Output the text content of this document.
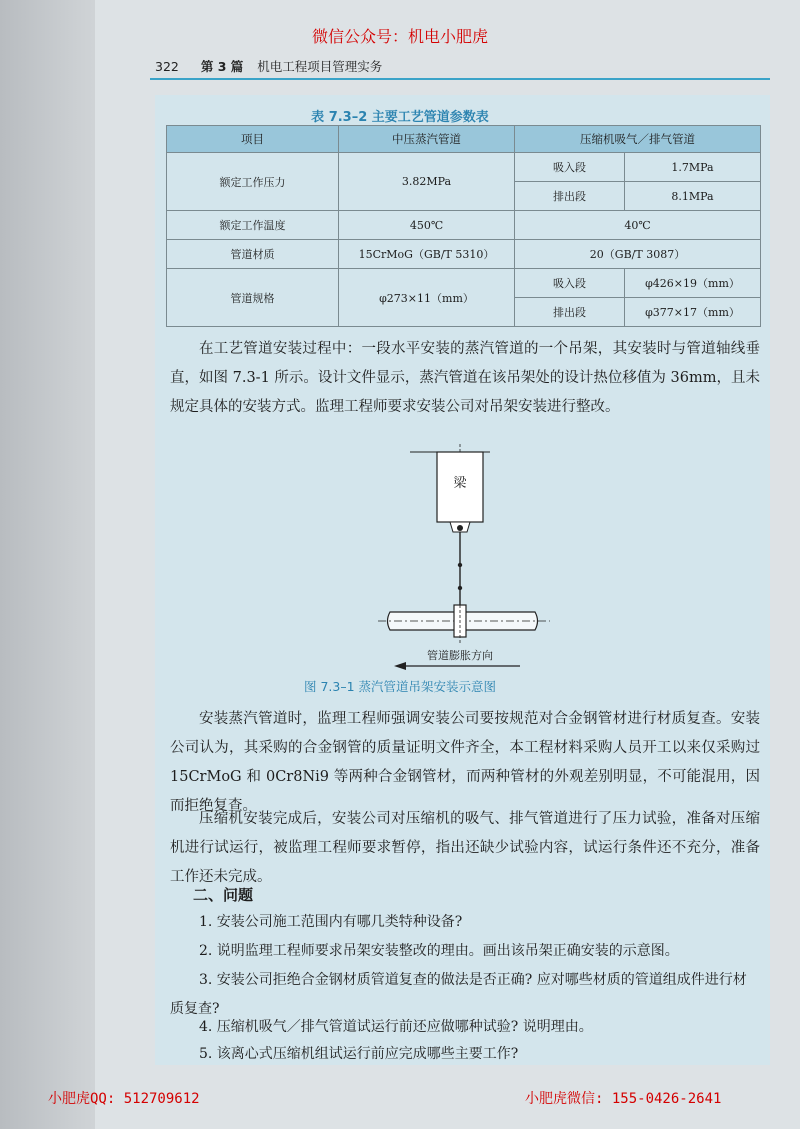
微信公众号：机电小肥虎
322 第 3 篇 机电工程项目管理实务
表 7.3–2 主要工艺管道参数表
项目	中压蒸汽管道	压缩机吸气／排气管道	
额定工作压力	3.82MPa	吸入段	1.7MPa
		排出段	8.1MPa
额定工作温度	450℃	40℃	
管道材质	15CrMoG（GB/T 5310）	20（GB/T 3087）	
管道规格	φ273×11（mm）	吸入段	φ426×19（mm）
		排出段	φ377×17（mm）
在工艺管道安装过程中：一段水平安装的蒸汽管道的一个吊架，其安装时与管道轴线垂直，如图 7.3-1 所示。设计文件显示，蒸汽管道在该吊架处的设计热位移值为 36mm，且未规定具体的安装方式。监理工程师要求安装公司对吊架安装进行整改。
梁
管道膨胀方向
图 7.3–1 蒸汽管道吊架安装示意图
安装蒸汽管道时，监理工程师强调安装公司要按规范对合金钢管材进行材质复查。安装公司认为，其采购的合金钢管的质量证明文件齐全，本工程材料采购人员开工以来仅采购过 15CrMoG 和 0Cr8Ni9 等两种合金钢管材，而两种管材的外观差别明显，不可能混用，因而拒绝复查。
压缩机安装完成后，安装公司对压缩机的吸气、排气管道进行了压力试验，准备对压缩机进行试运行，被监理工程师要求暂停，指出还缺少试验内容，试运行条件还不充分，准备工作还未完成。
二、问题
1. 安装公司施工范围内有哪几类特种设备?
2. 说明监理工程师要求吊架安装整改的理由。画出该吊架正确安装的示意图。
3. 安装公司拒绝合金钢材质管道复查的做法是否正确? 应对哪些材质的管道组成件进行材质复查?
4. 压缩机吸气／排气管道试运行前还应做哪种试验? 说明理由。
5. 该离心式压缩机组试运行前应完成哪些主要工作?
小肥虎QQ: 512709612	小肥虎微信: 155-0426-2641
